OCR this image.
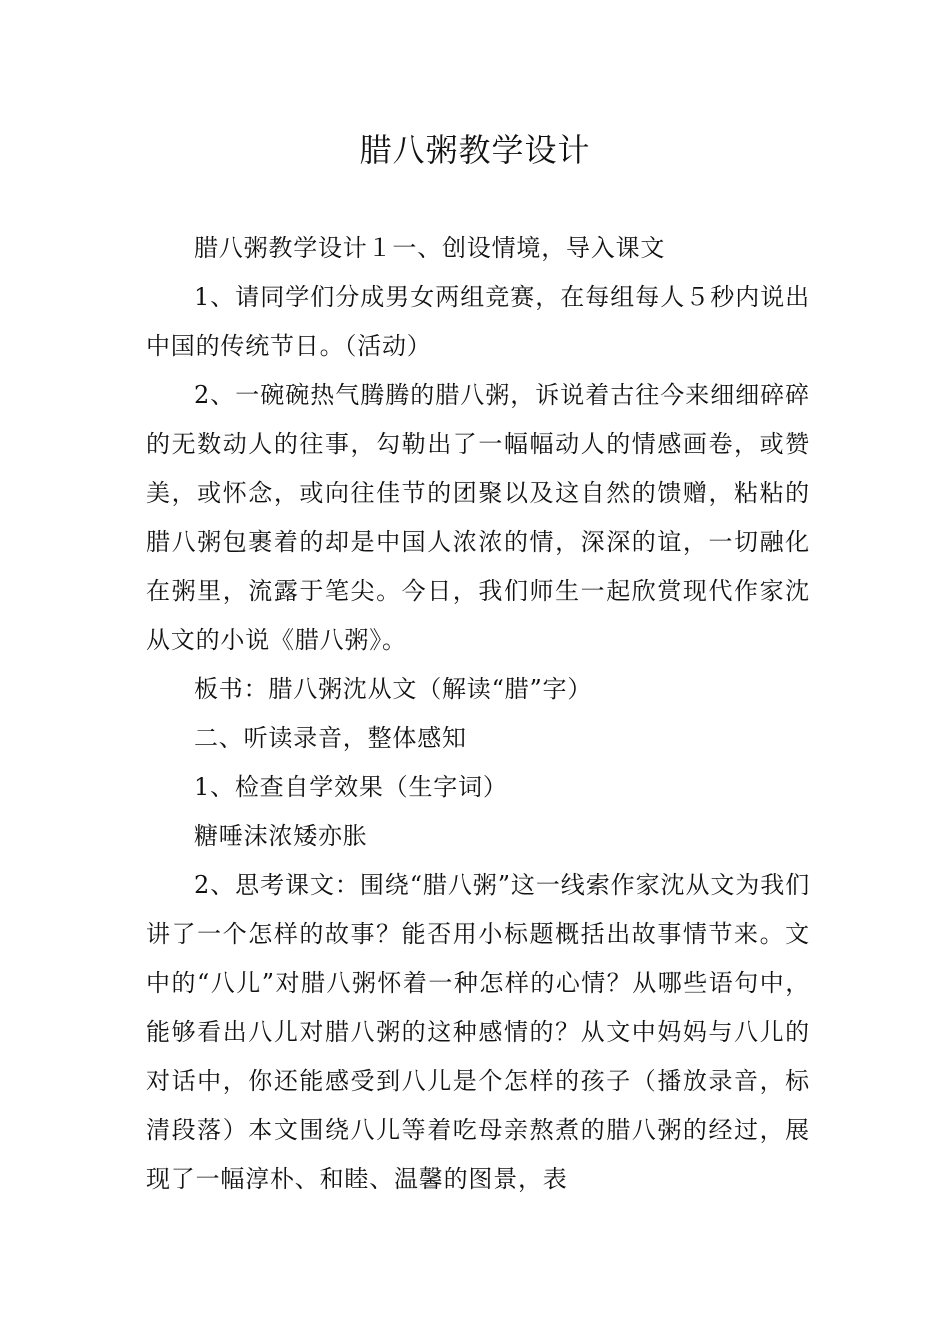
腊八粥教学设计

腊八粥教学设计１一、创设情境，导入课文

1、请同学们分成男女两组竞赛，在每组每人５秒内说出中国的传统节日。（活动）

2、一碗碗热气腾腾的腊八粥，诉说着古往今来细细碎碎的无数动人的往事，勾勒出了一幅幅动人的情感画卷，或赞美，或怀念，或向往佳节的团聚以及这自然的馈赠，粘粘的腊八粥包裹着的却是中国人浓浓的情，深深的谊，一切融化在粥里，流露于笔尖。今日，我们师生一起欣赏现代作家沈从文的小说《腊八粥》。

板书：腊八粥沈从文（解读“腊”字）

二、听读录音，整体感知

1、检查自学效果（生字词）

糖唾沫浓矮亦胀

2、思考课文：围绕“腊八粥”这一线索作家沈从文为我们讲了一个怎样的故事？能否用小标题概括出故事情节来。文中的“八儿”对腊八粥怀着一种怎样的心情？从哪些语句中，能够看出八儿对腊八粥的这种感情的？从文中妈妈与八儿的对话中，你还能感受到八儿是个怎样的孩子（播放录音，标清段落）本文围绕八儿等着吃母亲熬煮的腊八粥的经过，展现了一幅淳朴、和睦、温馨的图景，表
